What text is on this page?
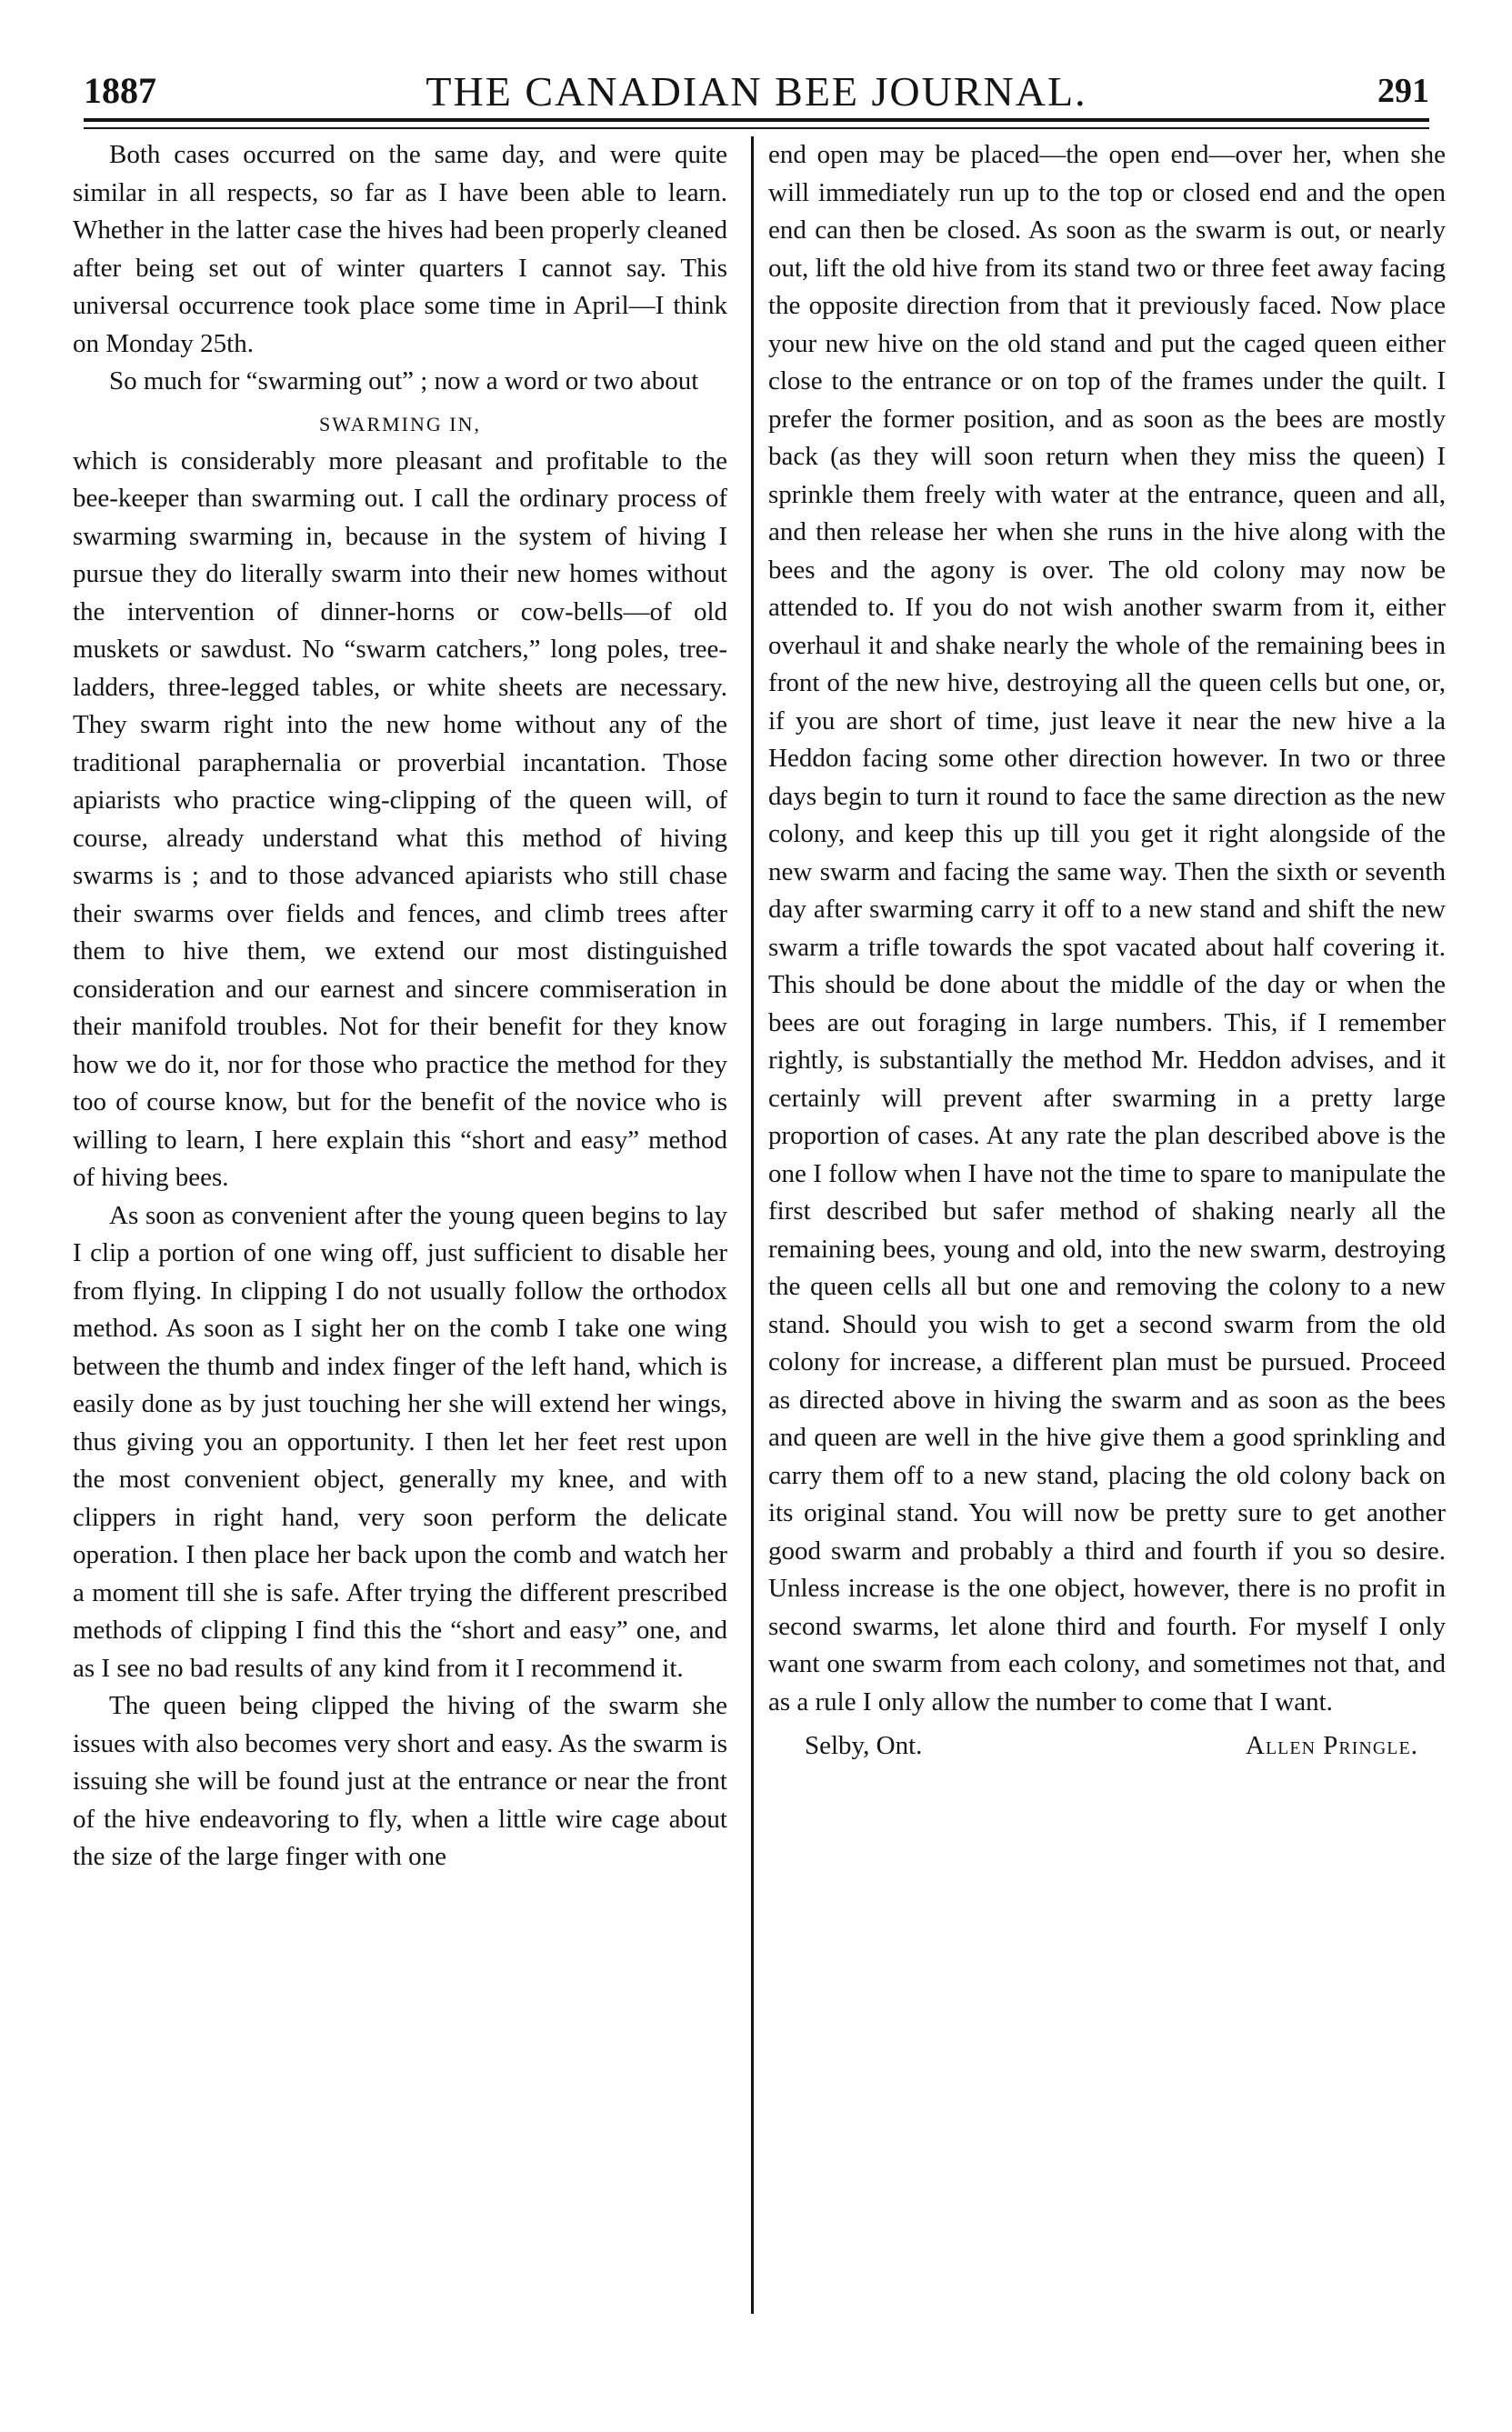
1887	THE CANADIAN BEE JOURNAL.	291

Both cases occurred on the same day, and were quite similar in all respects, so far as I have been able to learn. Whether in the latter case the hives had been properly cleaned after being set out of winter quarters I cannot say. This universal occurrence took place some time in April—I think on Monday 25th.

So much for “swarming out” ; now a word or two about

SWARMING IN,

which is considerably more pleasant and profitable to the bee-keeper than swarming out. I call the ordinary process of swarming swarming in, because in the system of hiving I pursue they do literally swarm into their new homes without the intervention of dinner-horns or cow-bells—of old muskets or sawdust. No “swarm catchers,” long poles, tree-ladders, three-legged tables, or white sheets are necessary. They swarm right into the new home without any of the traditional paraphernalia or proverbial incantation. Those apiarists who practice wing-clipping of the queen will, of course, already understand what this method of hiving swarms is ; and to those advanced apiarists who still chase their swarms over fields and fences, and climb trees after them to hive them, we extend our most distinguished consideration and our earnest and sincere commiseration in their manifold troubles. Not for their benefit for they know how we do it, nor for those who practice the method for they too of course know, but for the benefit of the novice who is willing to learn, I here explain this “short and easy” method of hiving bees.

As soon as convenient after the young queen begins to lay I clip a portion of one wing off, just sufficient to disable her from flying. In clipping I do not usually follow the orthodox method. As soon as I sight her on the comb I take one wing between the thumb and index finger of the left hand, which is easily done as by just touching her she will extend her wings, thus giving you an opportunity. I then let her feet rest upon the most convenient object, generally my knee, and with clippers in right hand, very soon perform the delicate operation. I then place her back upon the comb and watch her a moment till she is safe. After trying the different prescribed methods of clipping I find this the “short and easy” one, and as I see no bad results of any kind from it I recommend it.

The queen being clipped the hiving of the swarm she issues with also becomes very short and easy. As the swarm is issuing she will be found just at the entrance or near the front of the hive endeavoring to fly, when a little wire cage about the size of the large finger with one

end open may be placed—the open end—over her, when she will immediately run up to the top or closed end and the open end can then be closed. As soon as the swarm is out, or nearly out, lift the old hive from its stand two or three feet away facing the opposite direction from that it previously faced. Now place your new hive on the old stand and put the caged queen either close to the entrance or on top of the frames under the quilt. I prefer the former position, and as soon as the bees are mostly back (as they will soon return when they miss the queen) I sprinkle them freely with water at the entrance, queen and all, and then release her when she runs in the hive along with the bees and the agony is over. The old colony may now be attended to. If you do not wish another swarm from it, either overhaul it and shake nearly the whole of the remaining bees in front of the new hive, destroying all the queen cells but one, or, if you are short of time, just leave it near the new hive a la Heddon facing some other direction however. In two or three days begin to turn it round to face the same direction as the new colony, and keep this up till you get it right alongside of the new swarm and facing the same way. Then the sixth or seventh day after swarming carry it off to a new stand and shift the new swarm a trifle towards the spot vacated about half covering it. This should be done about the middle of the day or when the bees are out foraging in large numbers. This, if I remember rightly, is substantially the method Mr. Heddon advises, and it certainly will prevent after swarming in a pretty large proportion of cases. At any rate the plan described above is the one I follow when I have not the time to spare to manipulate the first described but safer method of shaking nearly all the remaining bees, young and old, into the new swarm, destroying the queen cells all but one and removing the colony to a new stand. Should you wish to get a second swarm from the old colony for increase, a different plan must be pursued. Proceed as directed above in hiving the swarm and as soon as the bees and queen are well in the hive give them a good sprinkling and carry them off to a new stand, placing the old colony back on its original stand. You will now be pretty sure to get another good swarm and probably a third and fourth if you so desire. Unless increase is the one object, however, there is no profit in second swarms, let alone third and fourth. For myself I only want one swarm from each colony, and sometimes not that, and as a rule I only allow the number to come that I want.

Selby, Ont.	Allen Pringle.
